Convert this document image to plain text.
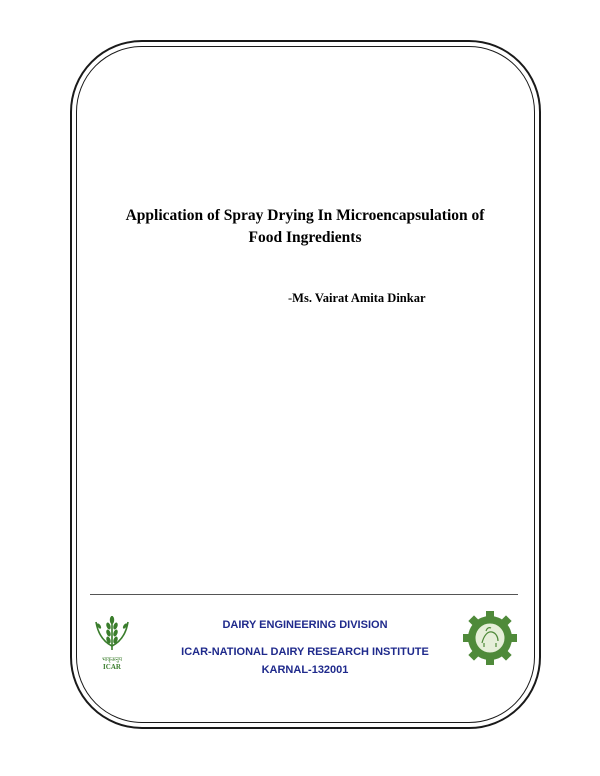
Application of Spray Drying In Microencapsulation of
Food Ingredients
-Ms. Vairat Amita Dinkar
भाकृअनुप
ICAR
DAIRY ENGINEERING DIVISION
ICAR-NATIONAL DAIRY RESEARCH INSTITUTE
KARNAL-132001
